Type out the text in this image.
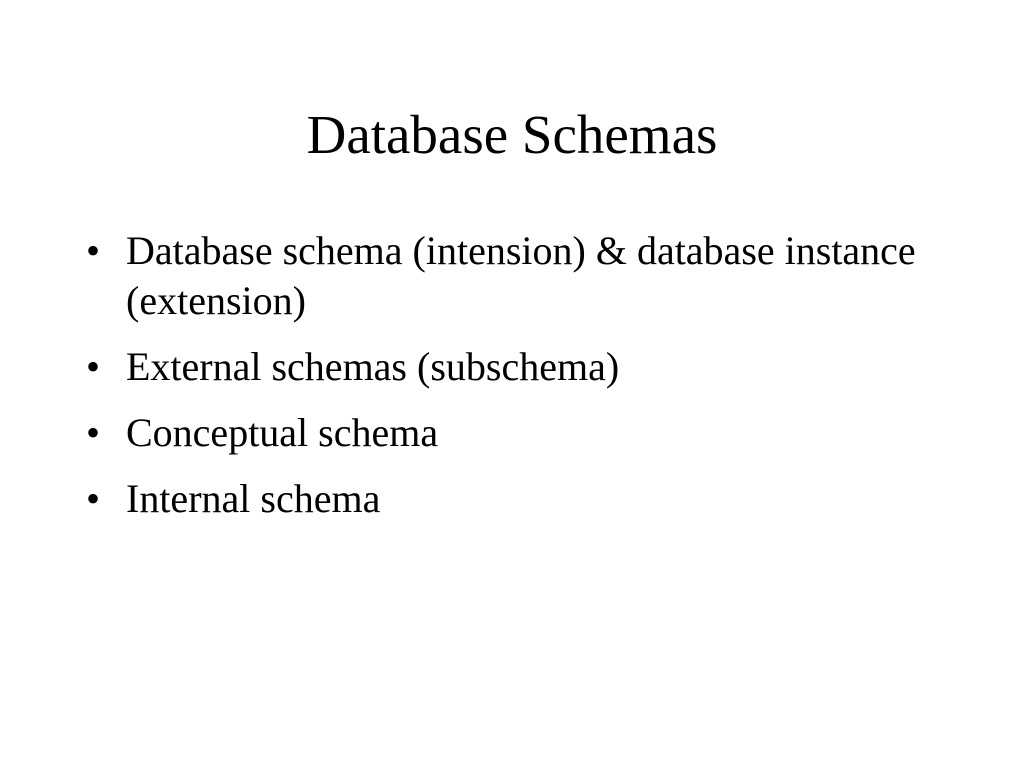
Database Schemas
• Database schema (intension) & database instance (extension)
• External schemas (subschema)
• Conceptual schema
• Internal schema
